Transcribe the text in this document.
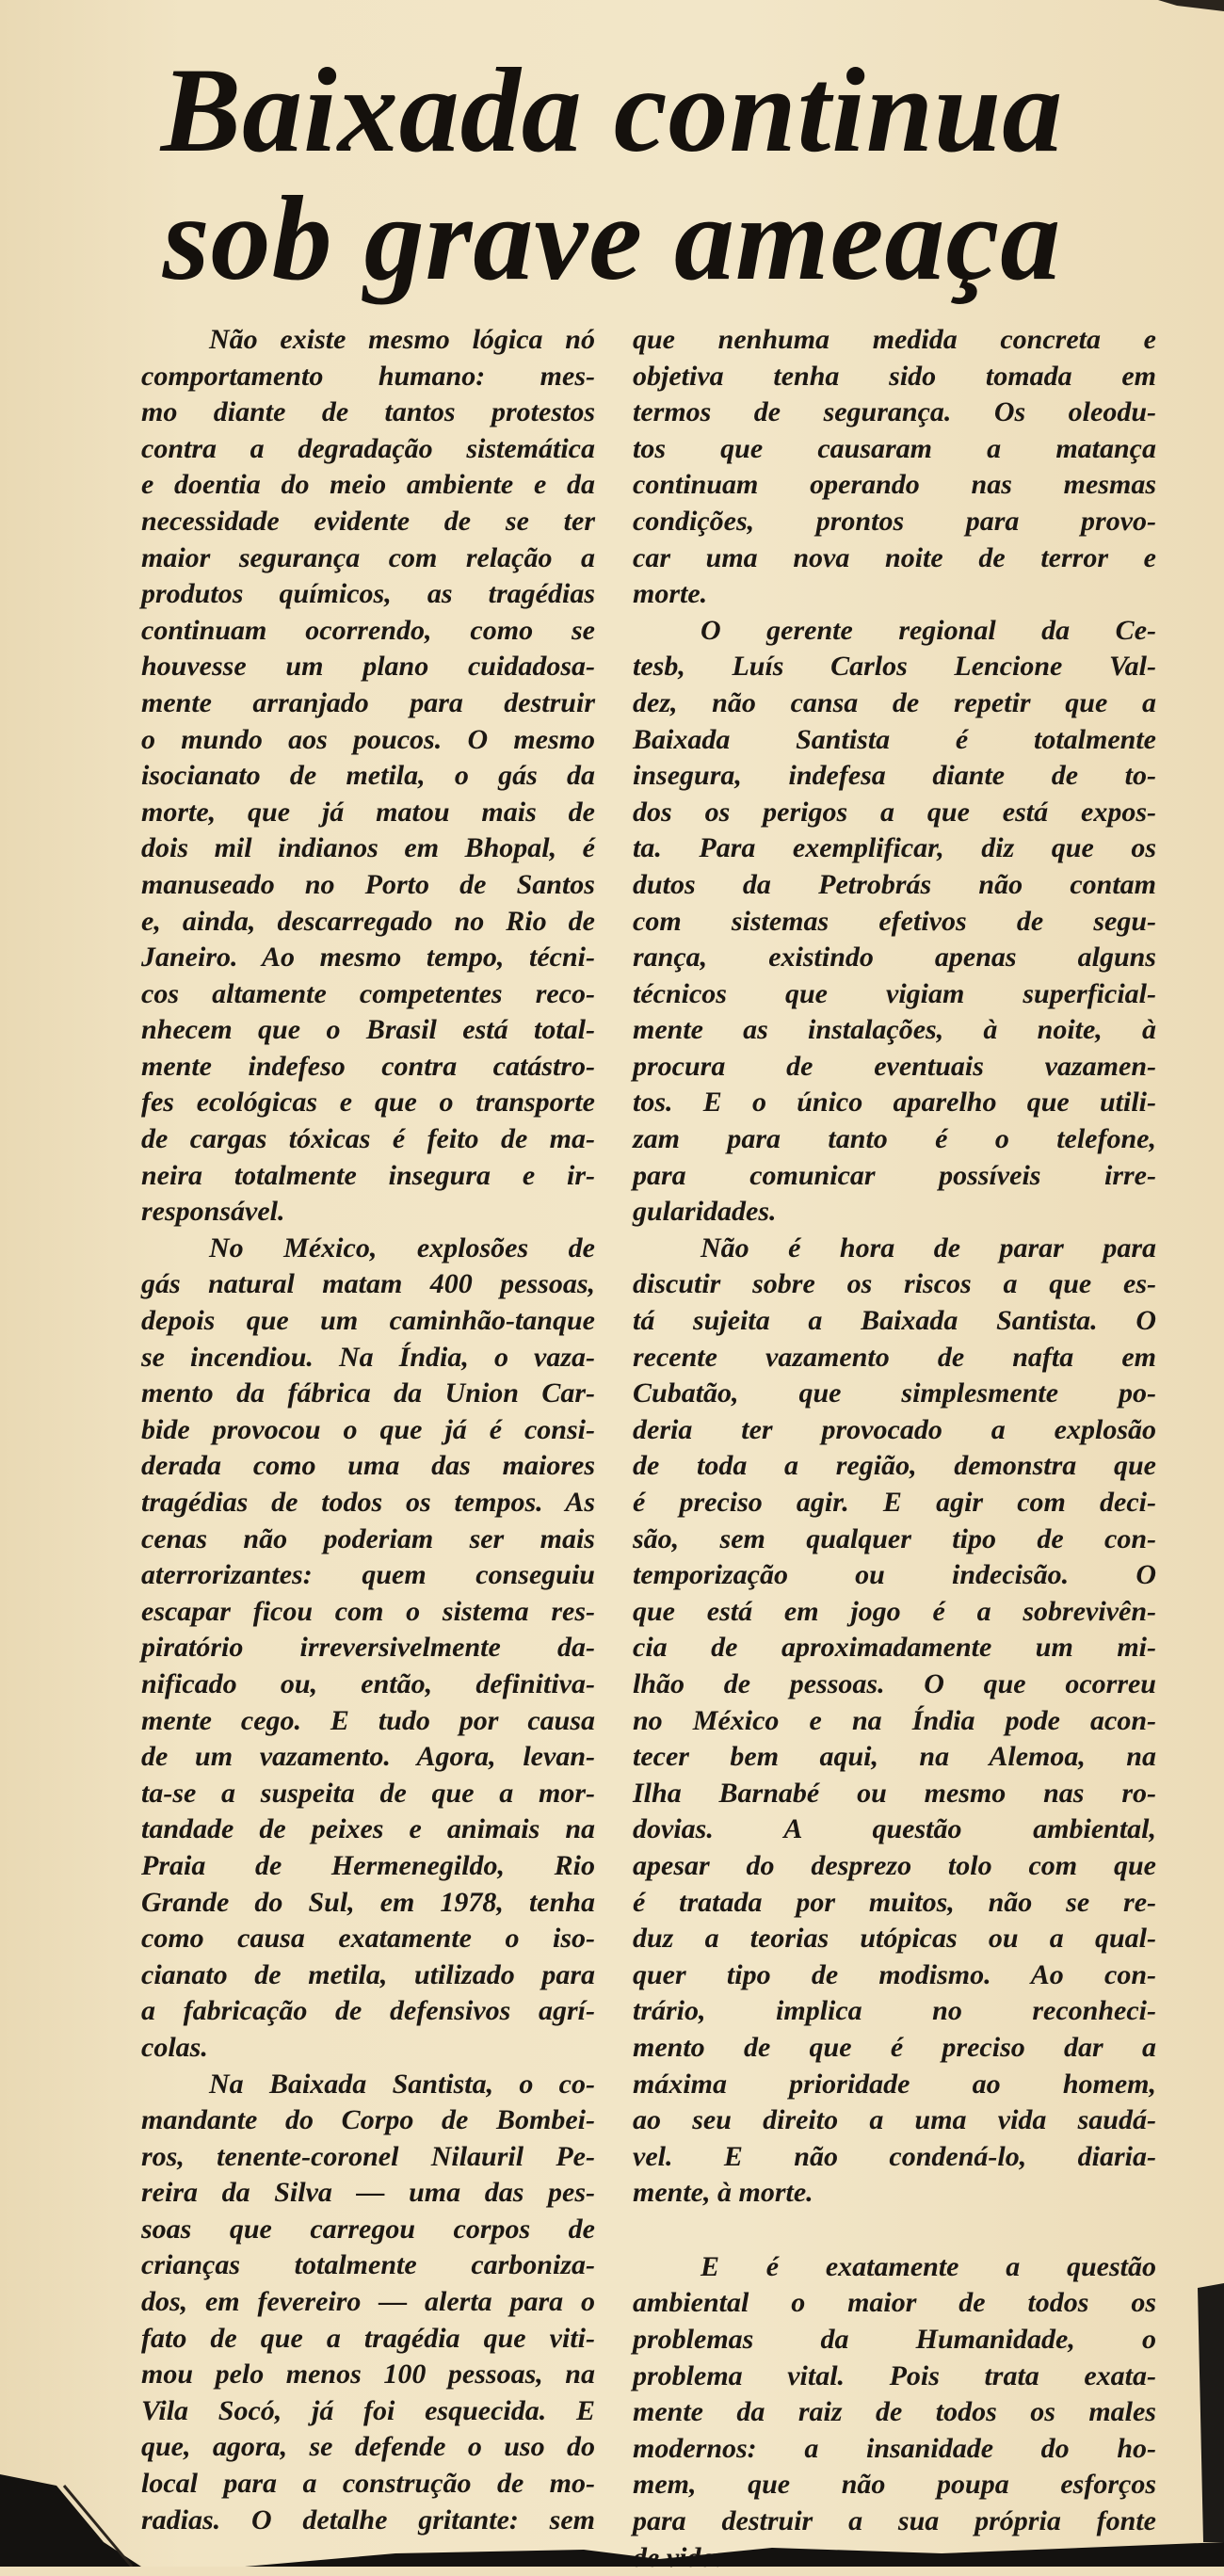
Baixada continua
sob grave ameaça
Não existe mesmo lógica nó
comportamento humano: mes-
mo diante de tantos protestos
contra a degradação sistemática
e doentia do meio ambiente e da
necessidade evidente de se ter
maior segurança com relação a
produtos químicos, as tragédias
continuam ocorrendo, como se
houvesse um plano cuidadosa-
mente arranjado para destruir
o mundo aos poucos. O mesmo
isocianato de metila, o gás da
morte, que já matou mais de
dois mil indianos em Bhopal, é
manuseado no Porto de Santos
e, ainda, descarregado no Rio de
Janeiro. Ao mesmo tempo, técni-
cos altamente competentes reco-
nhecem que o Brasil está total-
mente indefeso contra catástro-
fes ecológicas e que o transporte
de cargas tóxicas é feito de ma-
neira totalmente insegura e ir-
responsável.
No México, explosões de
gás natural matam 400 pessoas,
depois que um caminhão-tanque
se incendiou. Na Índia, o vaza-
mento da fábrica da Union Car-
bide provocou o que já é consi-
derada como uma das maiores
tragédias de todos os tempos. As
cenas não poderiam ser mais
aterrorizantes: quem conseguiu
escapar ficou com o sistema res-
piratório irreversivelmente da-
nificado ou, então, definitiva-
mente cego. E tudo por causa
de um vazamento. Agora, levan-
ta-se a suspeita de que a mor-
tandade de peixes e animais na
Praia de Hermenegildo, Rio
Grande do Sul, em 1978, tenha
como causa exatamente o iso-
cianato de metila, utilizado para
a fabricação de defensivos agrí-
colas.
Na Baixada Santista, o co-
mandante do Corpo de Bombei-
ros, tenente-coronel Nilauril Pe-
reira da Silva — uma das pes-
soas que carregou corpos de
crianças totalmente carboniza-
dos, em fevereiro — alerta para o
fato de que a tragédia que viti-
mou pelo menos 100 pessoas, na
Vila Socó, já foi esquecida. E
que, agora, se defende o uso do
local para a construção de mo-
radias. O detalhe gritante: sem
que nenhuma medida concreta e
objetiva tenha sido tomada em
termos de segurança. Os oleodu-
tos que causaram a matança
continuam operando nas mesmas
condições, prontos para provo-
car uma nova noite de terror e
morte.
O gerente regional da Ce-
tesb, Luís Carlos Lencione Val-
dez, não cansa de repetir que a
Baixada Santista é totalmente
insegura, indefesa diante de to-
dos os perigos a que está expos-
ta. Para exemplificar, diz que os
dutos da Petrobrás não contam
com sistemas efetivos de segu-
rança, existindo apenas alguns
técnicos que vigiam superficial-
mente as instalações, à noite, à
procura de eventuais vazamen-
tos. E o único aparelho que utili-
zam para tanto é o telefone,
para comunicar possíveis irre-
gularidades.
Não é hora de parar para
discutir sobre os riscos a que es-
tá sujeita a Baixada Santista. O
recente vazamento de nafta em
Cubatão, que simplesmente po-
deria ter provocado a explosão
de toda a região, demonstra que
é preciso agir. E agir com deci-
são, sem qualquer tipo de con-
temporização ou indecisão. O
que está em jogo é a sobrevivên-
cia de aproximadamente um mi-
lhão de pessoas. O que ocorreu
no México e na Índia pode acon-
tecer bem aqui, na Alemoa, na
Ilha Barnabé ou mesmo nas ro-
dovias. A questão ambiental,
apesar do desprezo tolo com que
é tratada por muitos, não se re-
duz a teorias utópicas ou a qual-
quer tipo de modismo. Ao con-
trário, implica no reconheci-
mento de que é preciso dar a
máxima prioridade ao homem,
ao seu direito a uma vida saudá-
vel. E não condená-lo, diaria-
mente, à morte.
E é exatamente a questão
ambiental o maior de todos os
problemas da Humanidade, o
problema vital. Pois trata exata-
mente da raiz de todos os males
modernos: a insanidade do ho-
mem, que não poupa esforços
para destruir a sua própria fonte
